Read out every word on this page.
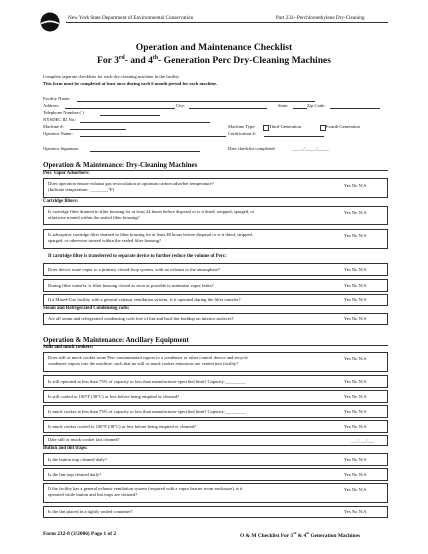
New York State Department of Environmental Conservation	Part 232--Perchloroethylene Dry-Cleaning
Operation and Maintenance Checklist
For 3rd- and 4th- Generation Perc Dry-Cleaning Machines
Complete separate checklists for each dry-cleaning machine in the facility.
This form must be completed at least once during each 6 month period for each machine.
Facility Name:
Address:	City:	State:	Zip Code:
Telephone Number:( )
NYSDEC ID No.:
Machine #:	Machine Type:	Third-Generation	Fourth Generation
Operator Name:	Certification #:
Operator Signature:	Date checklist completed:	_____/_____/_____
Operation & Maintenance: Dry-Cleaning Machines
Perc Vapor Adsorbers:
Does operation ensure exhaust gas recirculation at optimum carbon adsorber temperature?
(Indicate temperature: ________°F)
Yes No N/A
Cartridge filters:
Is cartridge filter drained in filter housing for at least 24 hours before disposal or is it dried, stripped, sparged, or
otherwise treated within the sealed filter housing?
Yes No N/A
Is adsorptive cartridge filter drained in filter housing for at least 48 hours before disposal or is it dried, stripped,
sparged, or otherwise treated within the sealed filter housing?
Yes No N/A
If cartridge filter is transferred to separate device to further reduce the volume of Perc:
Does device route vapor to a primary closed-loop system, with no exhaust to the atmosphere?	Yes No N/A
During filter transfer, is filter housing closed as soon as possible to minimize vapor leaks?	Yes No N/A
If a Mixed-Use facility with a general exhaust ventilation system, is it operated during the filter transfer?	Yes No N/A
Steam and Refrigerated Condensing coils:
Are all steam and refrigerated condensing coils free of lint and hard lint buildup on interior surfaces?	Yes No N/A
Operation & Maintenance: Ancillary Equipment
Stills and muck cookers:
Does still or muck cooker route Perc-contaminated vapors to a condenser or other control device and recycle
condenser vapors into the machine, such that no still or muck cooker emissions are vented into facility?
Yes No N/A
Is still operated at less than 75% of capacity or less than manufacturer-specified limit? Capacity:_________	Yes No N/A
Is still cooled to 100°F (38°C) or less before being emptied or cleaned?	Yes No N/A
Is muck cooker at less than 75% of capacity or less than manufacturer-specified limit? Capacity:_________	Yes No N/A
Is muck cooker cooled to 100°F (38°C) or less before being emptied or cleaned?	Yes No N/A
Date still or muck cooker last cleaned?	___/___/___
Button and lint traps:
Is the button trap cleaned daily?	Yes No N/A
Is the lint trap cleaned daily?	Yes No N/A
If the facility has a general exhaust ventilation system (required with a vapor barrier room enclosure), is it
operated while button and lint traps are cleaned?
Yes No N/A
Is the lint placed in a tightly sealed container?	Yes No N/A
Form 232-8 (3/2006) Page 1 of 2	O & M Checklist For 3rd & 4th Generation Machines
